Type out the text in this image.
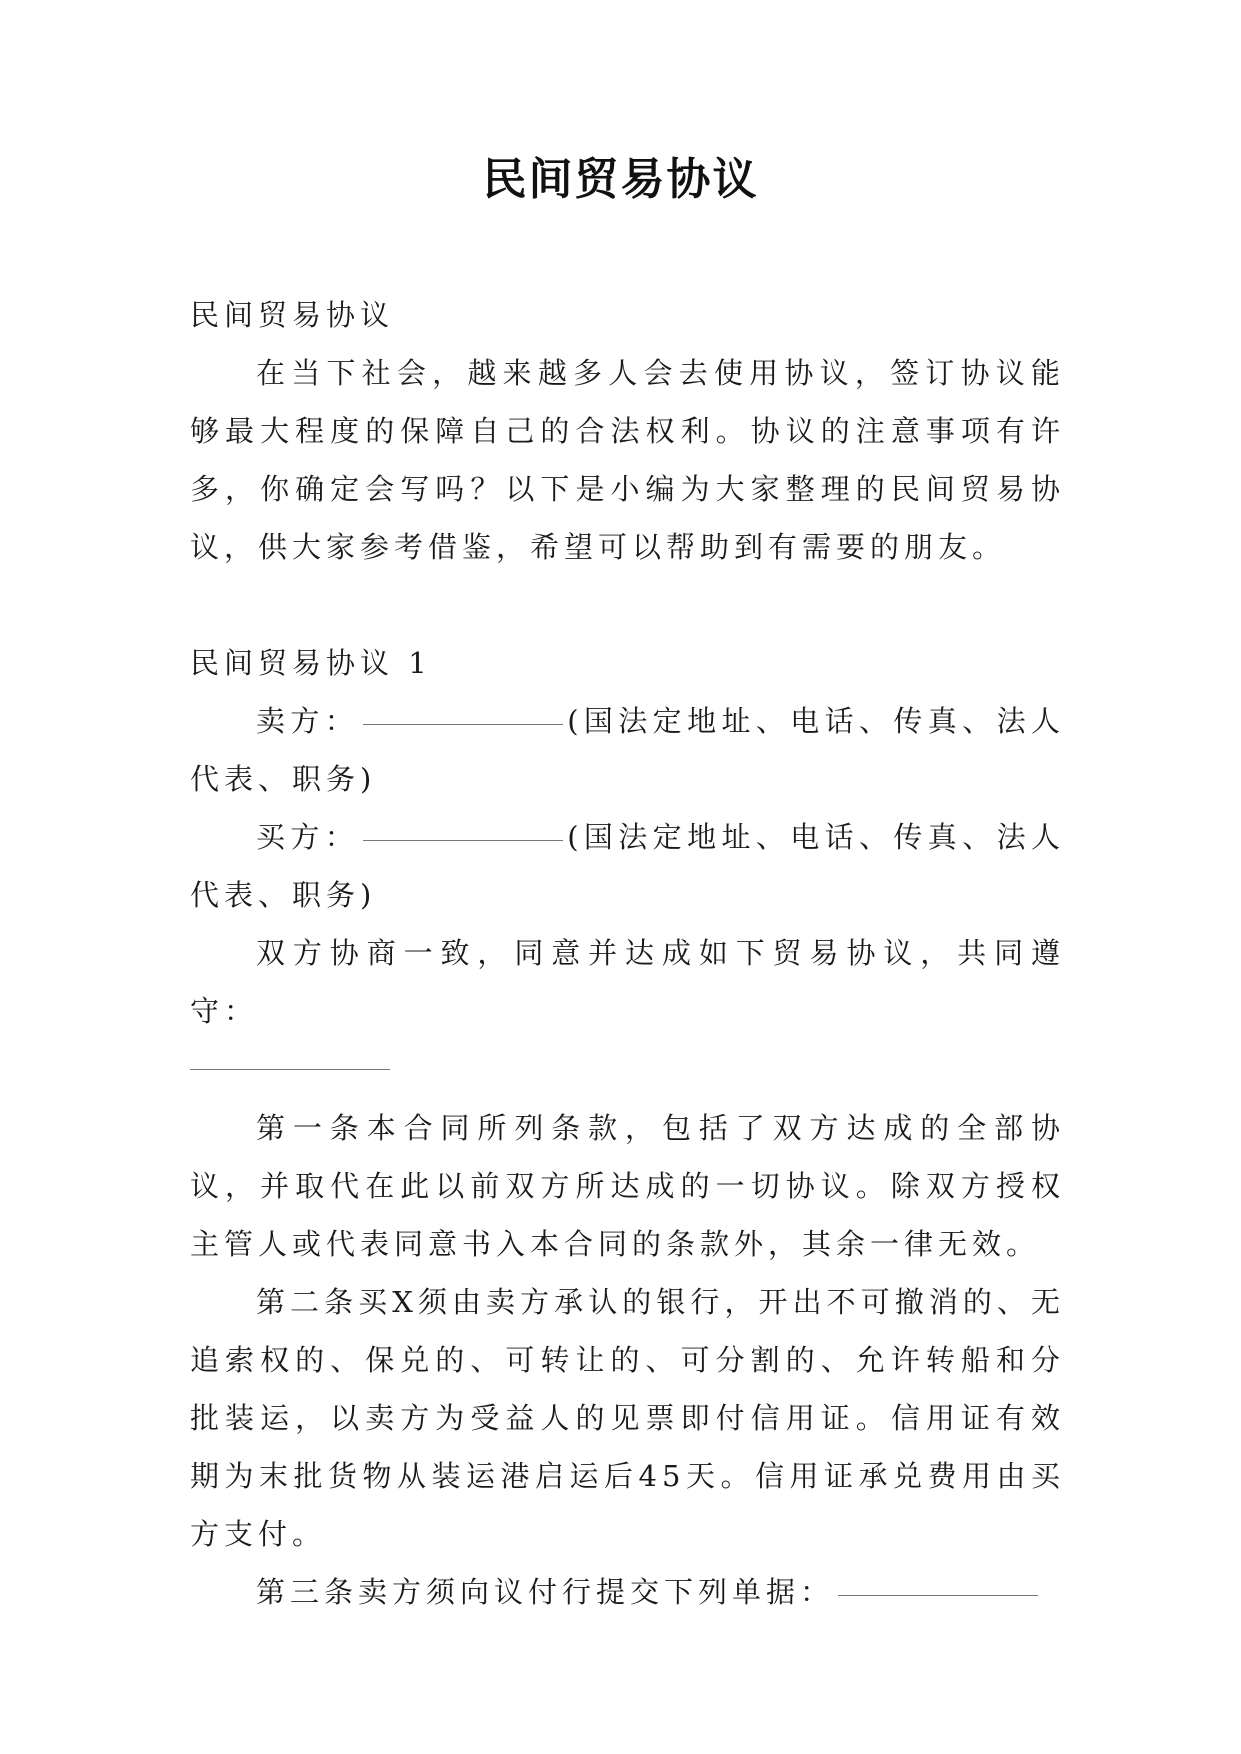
民间贸易协议

民间贸易协议

在当下社会，越来越多人会去使用协议，签订协议能够最大程度的保障自己的合法权利。协议的注意事项有许多，你确定会写吗？以下是小编为大家整理的民间贸易协议，供大家参考借鉴，希望可以帮助到有需要的朋友。

民间贸易协议 1

卖方：	(国法定地址、电话、传真、法人代表、职务)

买方：	(国法定地址、电话、传真、法人代表、职务)

双方协商一致，同意并达成如下贸易协议，共同遵守：

第一条本合同所列条款，包括了双方达成的全部协议，并取代在此以前双方所达成的一切协议。除双方授权主管人或代表同意书入本合同的条款外，其余一律无效。

第二条买X须由卖方承认的银行，开出不可撤消的、无追索权的、保兑的、可转让的、可分割的、允许转船和分批装运，以卖方为受益人的见票即付信用证。信用证有效期为末批货物从装运港启运后45天。信用证承兑费用由买方支付。

第三条卖方须向议付行提交下列单据：
